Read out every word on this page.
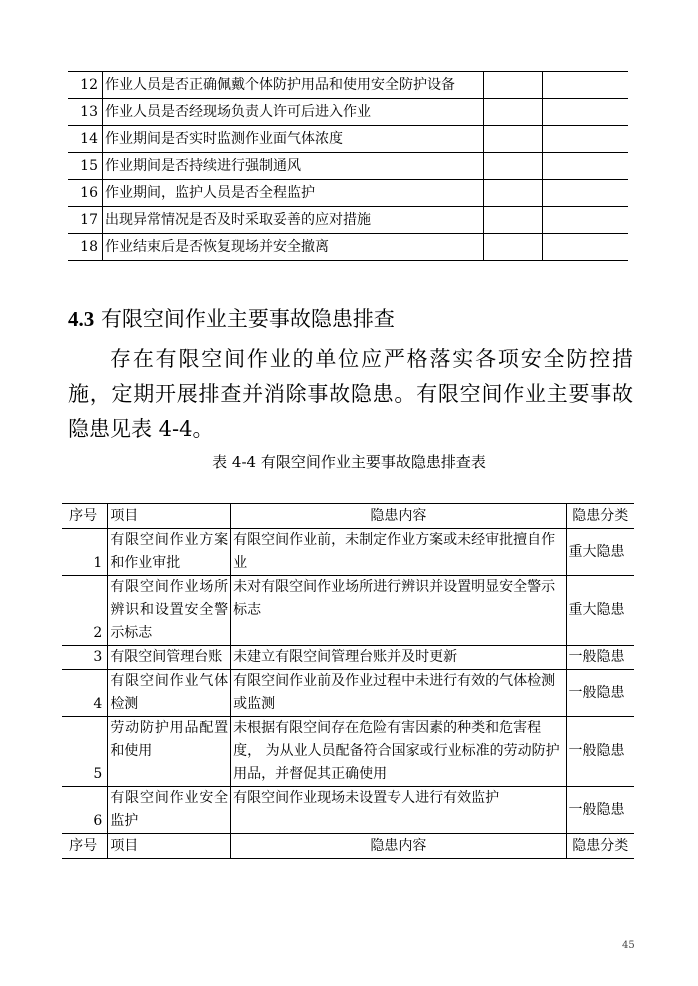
12	作业人员是否正确佩戴个体防护用品和使用安全防护设备		
13	作业人员是否经现场负责人许可后进入作业		
14	作业期间是否实时监测作业面气体浓度		
15	作业期间是否持续进行强制通风		
16	作业期间，监护人员是否全程监护		
17	出现异常情况是否及时采取妥善的应对措施		
18	作业结束后是否恢复现场并安全撤离		
4.3 有限空间作业主要事故隐患排查

存在有限空间作业的单位应严格落实各项安全防控措施，定期开展排查并消除事故隐患。有限空间作业主要事故隐患见表 4-4。

表 4-4 有限空间作业主要事故隐患排查表
序号	项目	隐患内容	隐患分类
1	有限空间作业方案和作业审批	有限空间作业前，未制定作业方案或未经审批擅自作业	重大隐患
2	有限空间作业场所辨识和设置安全警示标志	未对有限空间作业场所进行辨识并设置明显安全警示标志	重大隐患
3	有限空间管理台账	未建立有限空间管理台账并及时更新	一般隐患
4	有限空间作业气体检测	有限空间作业前及作业过程中未进行有效的气体检测或监测	一般隐患
5	劳动防护用品配置和使用	未根据有限空间存在危险有害因素的种类和危害程度， 为从业人员配备符合国家或行业标准的劳动防护用品，并督促其正确使用	一般隐患
6	有限空间作业安全监护	有限空间作业现场未设置专人进行有效监护	一般隐患
序号	项目	隐患内容	隐患分类
45
